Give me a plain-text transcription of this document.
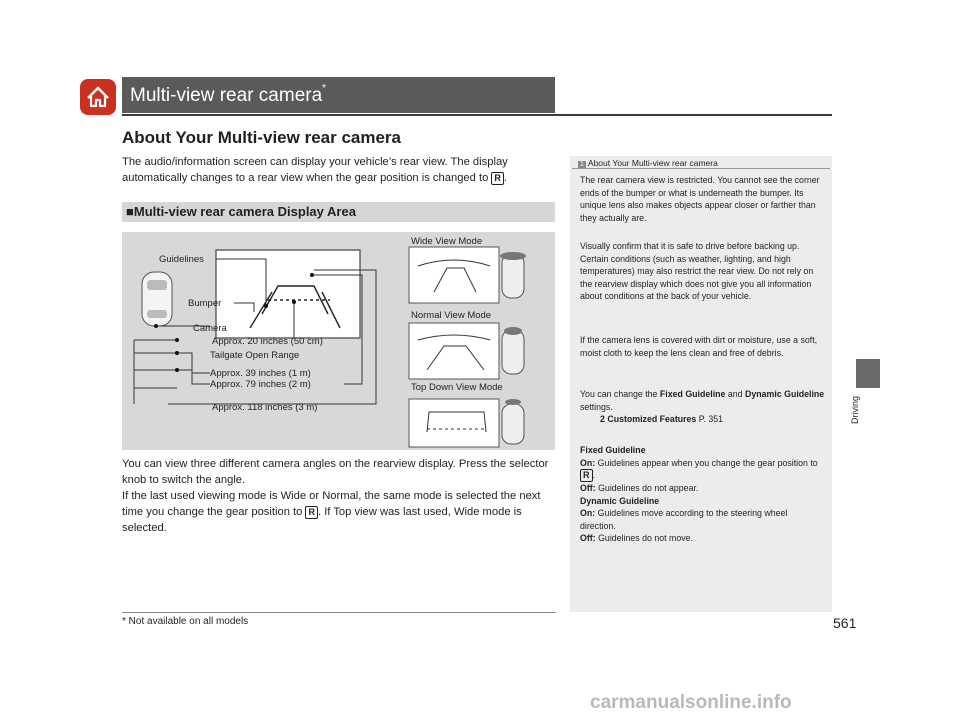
Multi-view rear camera*
About Your Multi-view rear camera
The audio/information screen can display your vehicle’s rear view. The display automatically changes to a rear view when the gear position is changed to R .
■Multi-view rear camera Display Area
Guidelines
Bumper
Camera
Approx. 20 inches (50 cm)
Tailgate Open Range
Approx. 39 inches (1 m)
Approx. 79 inches (2 m)
Approx. 118 inches (3 m)
Wide View Mode
Normal View Mode
Top Down View Mode
You can view three different camera angles on the rearview display. Press the selector knob to switch the angle.
If the last used viewing mode is Wide or Normal, the same mode is selected the next time you change the gear position to R . If Top view was last used, Wide mode is selected.
1 About Your Multi-view rear camera
The rear camera view is restricted. You cannot see the corner ends of the bumper or what is underneath the bumper. Its unique lens also makes objects appear closer or farther than they actually are.
Visually confirm that it is safe to drive before backing up. Certain conditions (such as weather, lighting, and high temperatures) may also restrict the rear view. Do not rely on the rearview display which does not give you all information about conditions at the back of your vehicle.
If the camera lens is covered with dirt or moisture, use a soft, moist cloth to keep the lens clean and free of debris.
You can change the Fixed Guideline and Dynamic Guideline settings.
2 Customized Features P. 351
Fixed Guideline
On: Guidelines appear when you change the gear position to R .
Off: Guidelines do not appear.
Dynamic Guideline
On: Guidelines move according to the steering wheel direction.
Off: Guidelines do not move.
Driving
561
* Not available on all models
carmanualsonline.info
